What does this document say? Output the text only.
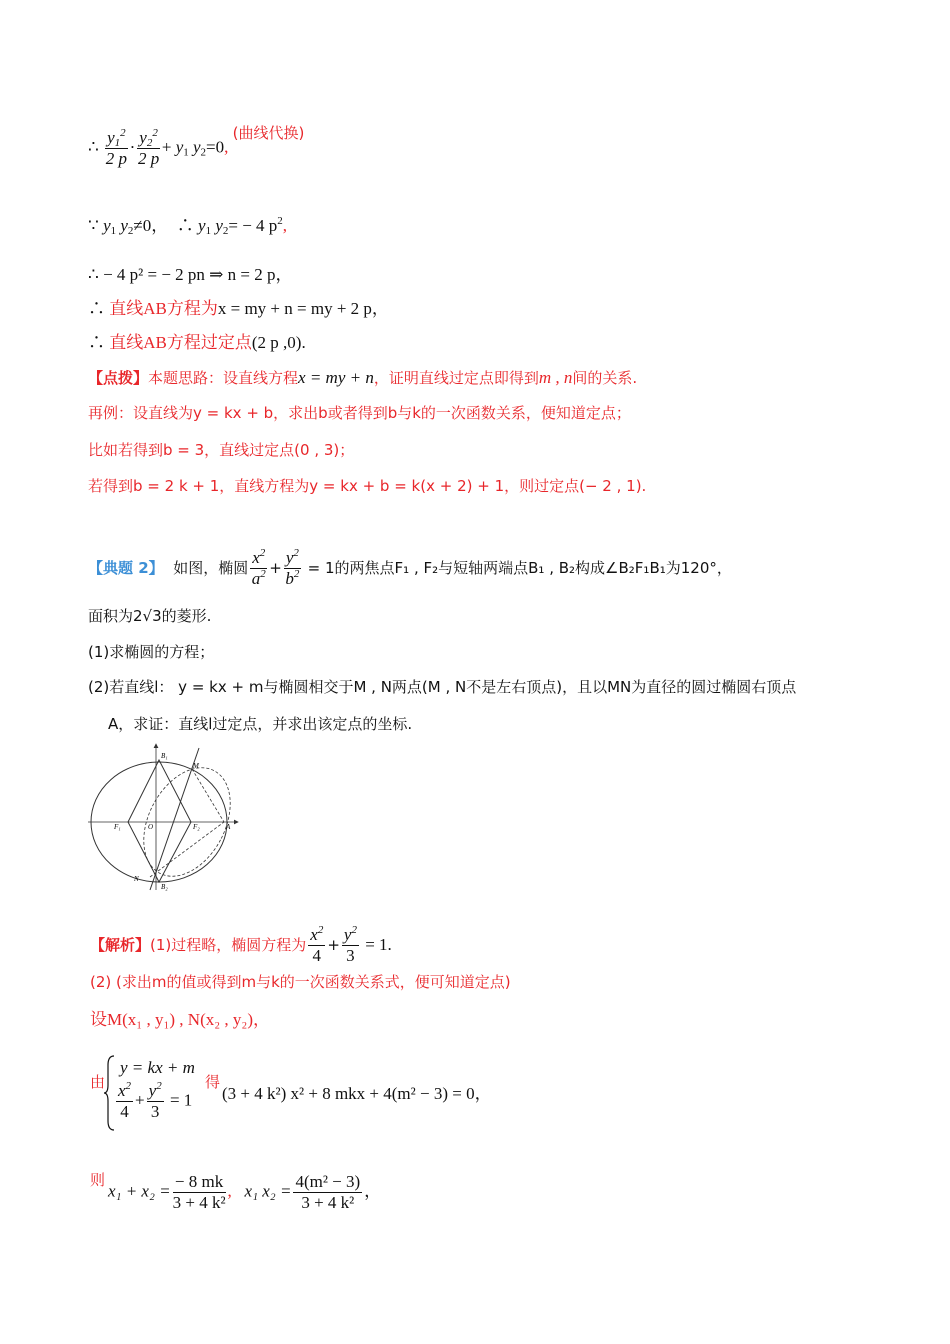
∴ $\frac{y_1^2}{2 p} \cdot \frac{y_2^2}{2 p} + y_1$ $y_2=0$, (曲线代换)
∵ $y_1$ $y_2\ne 0$， ∴ $y_1$ $y_2= - 4$ $p^2$,
∴ − 4 p² = − 2 pn ⇒ n = 2 p，
∴ 直线AB方程为x = my + n = my + 2 p，
∴ 直线AB方程过定点(2 p ,0).
【点拨】本题思路：设直线方程x = my + n，证明直线过定点即得到m , n间的关系.
再例：设直线为y = kx + b，求出b或者得到b与k的一次函数关系，便知道定点；
比如若得到b = 3，直线过定点(0 , 3)；
若得到b = 2 k + 1，直线方程为y = kx + b = k(x + 2) + 1，则过定点(− 2 , 1).
【典题 2】 如图，椭圆 $\frac{x^2}{a^2} + \frac{y^2}{b^2} = 1$的两焦点F₁ , F₂与短轴两端点B₁ , B₂构成∠B₂F₁B₁为120°，
面积为2√3的菱形.
(1)求椭圆的方程；
(2)若直线l： y = kx + m与椭圆相交于M , N两点(M , N不是左右顶点)，且以MN为直径的圆过椭圆右顶点
A，求证：直线l过定点，并求出该定点的坐标.
B₁
B₂
M
N
F₁	F₂
O	A
【解析】(1)过程略，椭圆方程为 $\frac{x^2}{4} + \frac{y^2}{3} = 1$.
(2) (求出m的值或得到m与k的一次函数关系式，便可知道定点)
设M(x₁ , y₁) , N(x₂ , y₂)，
由
y = kx + m
$\frac{x^2}{4} + \frac{y^2}{3} = 1$
得
(3 + 4 k²) x² + 8 mkx + 4(m² − 3) = 0，
则
$x_1 + x_2 = \frac{- 8 mk}{\text{3 + 4 k²}}$ , x₁ $x_2 = \frac{\text{4(m² − 3)}}{\text{3 + 4 k²}}$ ，
